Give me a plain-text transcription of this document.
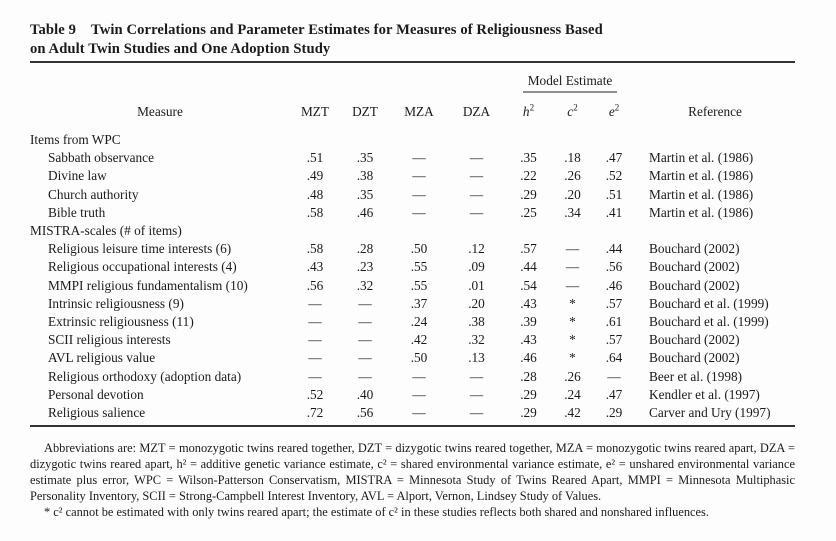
Table 9 Twin Correlations and Parameter Estimates for Measures of Religiousness Based
on Adult Twin Studies and One Adoption Study
					Model Estimate			
Measure	MZT	DZT	MZA	DZA	$h^2$	$c^2$	$e^2$	Reference
Items from WPC								
Sabbath observance	.51	.35	—	—	.35	.18	.47	Martin et al. (1986)
Divine law	.49	.38	—	—	.22	.26	.52	Martin et al. (1986)
Church authority	.48	.35	—	—	.29	.20	.51	Martin et al. (1986)
Bible truth	.58	.46	—	—	.25	.34	.41	Martin et al. (1986)
MISTRA-scales (# of items)								
Religious leisure time interests (6)	.58	.28	.50	.12	.57	—	.44	Bouchard (2002)
Religious occupational interests (4)	.43	.23	.55	.09	.44	—	.56	Bouchard (2002)
MMPI religious fundamentalism (10)	.56	.32	.55	.01	.54	—	.46	Bouchard (2002)
Intrinsic religiousness (9)	—	—	.37	.20	.43	*	.57	Bouchard et al. (1999)
Extrinsic religiousness (11)	—	—	.24	.38	.39	*	.61	Bouchard et al. (1999)
SCII religious interests	—	—	.42	.32	.43	*	.57	Bouchard (2002)
AVL religious value	—	—	.50	.13	.46	*	.64	Bouchard (2002)
Religious orthodoxy (adoption data)	—	—	—	—	.28	.26	—	Beer et al. (1998)
Personal devotion	.52	.40	—	—	.29	.24	.47	Kendler et al. (1997)
Religious salience	.72	.56	—	—	.29	.42	.29	Carver and Ury (1997)

Abbreviations are: MZT = monozygotic twins reared together, DZT = dizygotic twins reared together, MZA = monozygotic twins reared apart, DZA = dizygotic twins reared apart, h² = additive genetic variance estimate, c² = shared environmental variance estimate, e² = unshared environmental variance estimate plus error, WPC = Wilson-Patterson Conservatism, MISTRA = Minnesota Study of Twins Reared Apart, MMPI = Minnesota Multiphasic Personality Inventory, SCII = Strong-Campbell Interest Inventory, AVL = Alport, Vernon, Lindsey Study of Values.

* c² cannot be estimated with only twins reared apart; the estimate of c² in these studies reflects both shared and nonshared influences.
